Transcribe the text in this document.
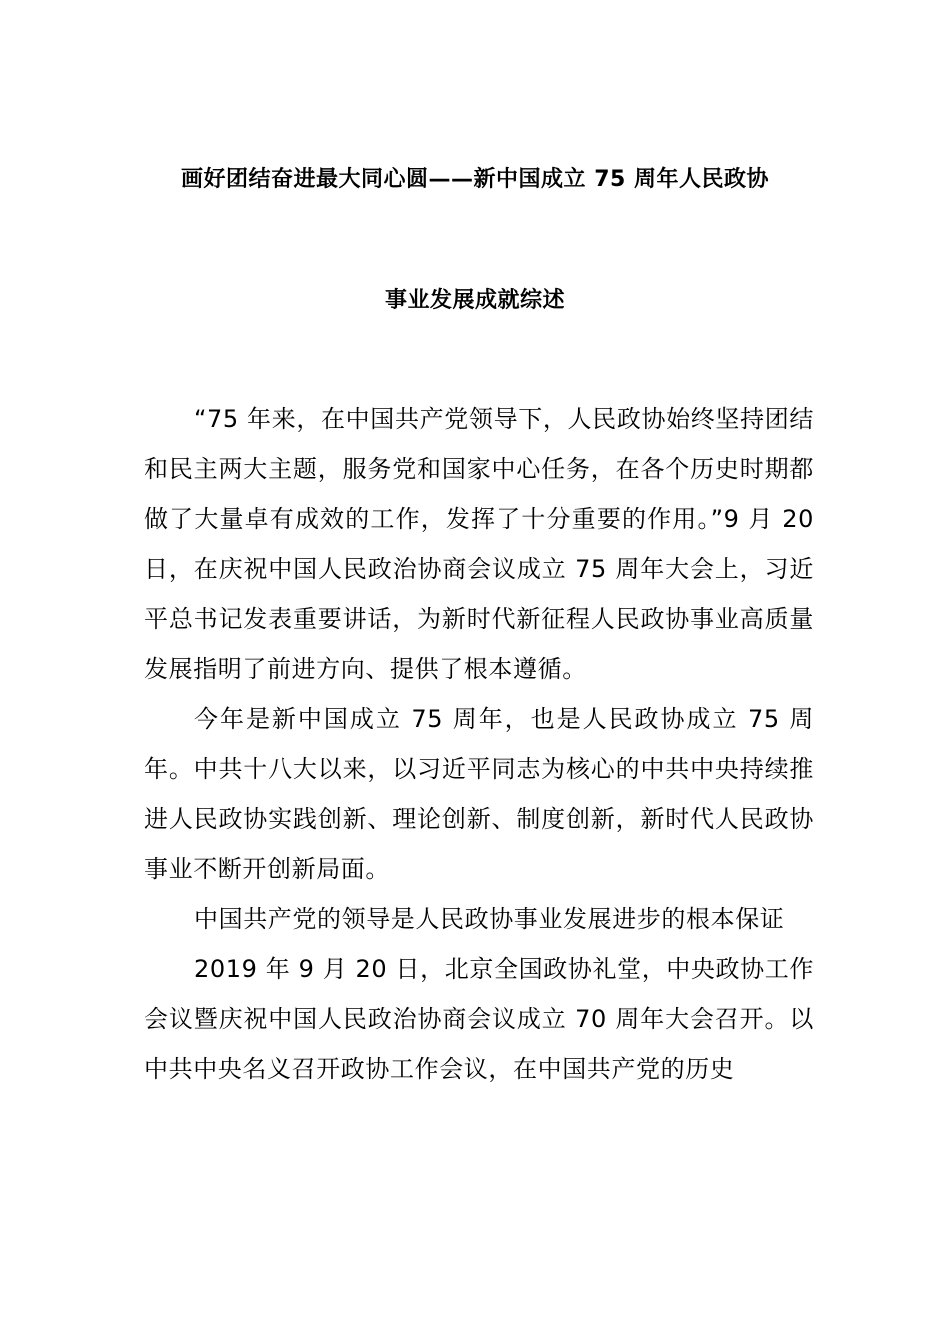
画好团结奋进最大同心圆——新中国成立 75 周年人民政协
事业发展成就综述

“75 年来，在中国共产党领导下，人民政协始终坚持团结和民主两大主题，服务党和国家中心任务，在各个历史时期都做了大量卓有成效的工作，发挥了十分重要的作用。”9 月 20 日，在庆祝中国人民政治协商会议成立 75 周年大会上，习近平总书记发表重要讲话，为新时代新征程人民政协事业高质量发展指明了前进方向、提供了根本遵循。

今年是新中国成立 75 周年，也是人民政协成立 75 周年。中共十八大以来，以习近平同志为核心的中共中央持续推进人民政协实践创新、理论创新、制度创新，新时代人民政协事业不断开创新局面。

中国共产党的领导是人民政协事业发展进步的根本保证

2019 年 9 月 20 日，北京全国政协礼堂，中央政协工作会议暨庆祝中国人民政治协商会议成立 70 周年大会召开。以中共中央名义召开政协工作会议，在中国共产党的历史
